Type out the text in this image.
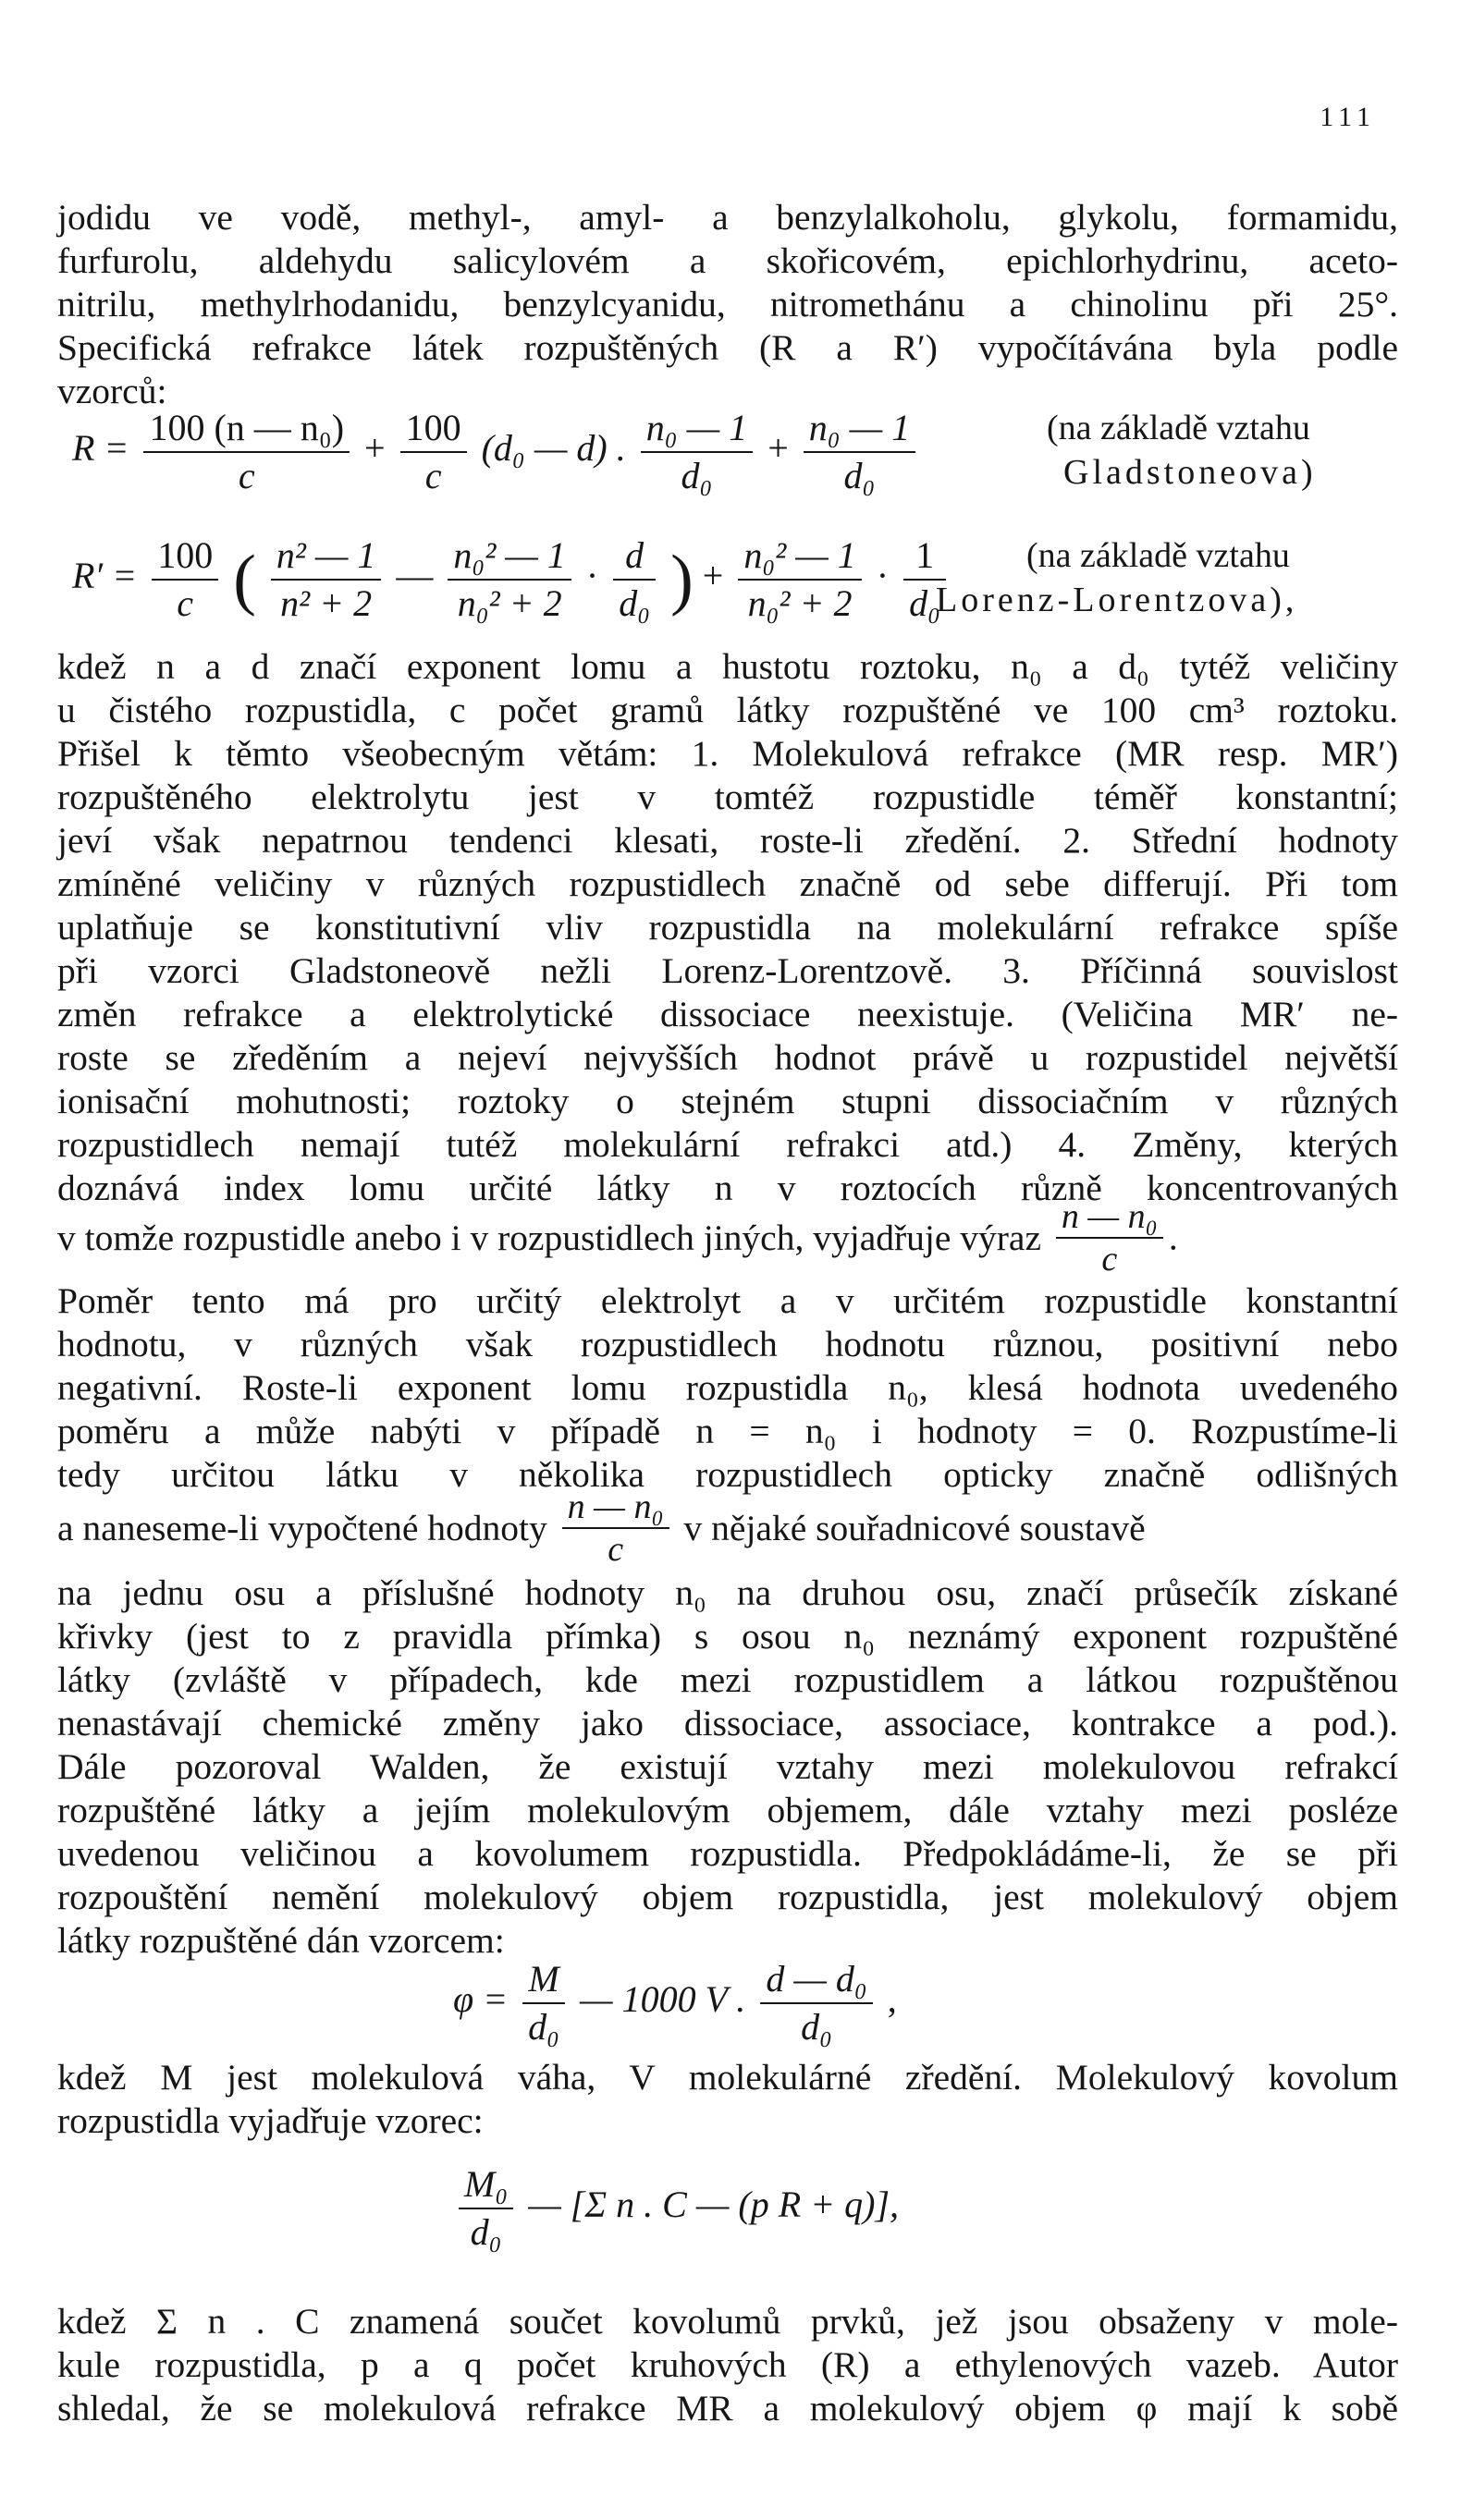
111
jodidu ve vodě, methyl-, amyl- a benzylalkoholu, glykolu, formamidu,
furfurolu, aldehydu salicylovém a skořicovém, epichlorhydrinu, aceto-
nitrilu, methylrhodanidu, benzylcyanidu, nitromethánu a chinolinu při 25°.
Specifická refrakce látek rozpuštěných (R a R′) vypočítávána byla podle
vzorců:
$R = \frac{\text{100 (n — n₀)}}{c} + \frac{100}{c} (d_0$ — d) . $\frac{\text{n₀ — 1}}{\text{d₀}} + \frac{\text{n₀ — 1}}{\text{d₀}}$	(na základě vztahu
Gladstoneova)
$R' = \frac{100}{c}$ ( $\frac{\text{n² — 1}}{\text{n² + 2}}$ — $\frac{\text{n₀² — 1}}{\text{n₀² + 2}} \cdot \frac{d}{\text{d₀}}$ ) + $\frac{\text{n₀² — 1}}{\text{n₀² + 2}} \cdot \frac{1}{\text{d₀}} (na$ základě vztahu
Lorenz-Lorentzova),
kdež n a d značí exponent lomu a hustotu roztoku, n₀ a d₀ tytéž veličiny
u čistého rozpustidla, c počet gramů látky rozpuštěné ve 100 cm³ roztoku.
Přišel k těmto všeobecným větám: 1. Molekulová refrakce (MR resp. MR′)
rozpuštěného elektrolytu jest v tomtéž rozpustidle téměř konstantní;
jeví však nepatrnou tendenci klesati, roste-li zředění. 2. Střední hodnoty
zmíněné veličiny v různých rozpustidlech značně od sebe differují. Při tom
uplatňuje se konstitutivní vliv rozpustidla na molekulární refrakce spíše
při vzorci Gladstoneově nežli Lorenz-Lorentzově. 3. Příčinná souvislost
změn refrakce a elektrolytické dissociace neexistuje. (Veličina MR′ ne-
roste se zředěním a nejeví nejvyšších hodnot právě u rozpustidel největší
ionisační mohutnosti; roztoky o stejném stupni dissociačním v různých
rozpustidlech nemají tutéž molekulární refrakci atd.) 4. Změny, kterých
doznává index lomu určité látky n v roztocích různě koncentrovaných
v tomže rozpustidle anebo i v rozpustidlech jiných, vyjadřuje výraz $\frac{\text{n — n₀}}{c}$ .
Poměr tento má pro určitý elektrolyt a v určitém rozpustidle konstantní
hodnotu, v různých však rozpustidlech hodnotu různou, positivní nebo
negativní. Roste-li exponent lomu rozpustidla n₀, klesá hodnota uvedeného
poměru a může nabýti v případě n = n₀ i hodnoty = 0. Rozpustíme-li
tedy určitou látku v několika rozpustidlech opticky značně odlišných
a naneseme-li vypočtené hodnoty $\frac{\text{n — n₀}}{c}$ v nějaké souřadnicové soustavě
na jednu osu a příslušné hodnoty n₀ na druhou osu, značí průsečík získané
křivky (jest to z pravidla přímka) s osou n₀ neznámý exponent rozpuštěné
látky (zvláště v případech, kde mezi rozpustidlem a látkou rozpuštěnou
nenastávají chemické změny jako dissociace, associace, kontrakce a pod.).
Dále pozoroval Walden, že existují vztahy mezi molekulovou refrakcí
rozpuštěné látky a jejím molekulovým objemem, dále vztahy mezi posléze
uvedenou veličinou a kovolumem rozpustidla. Předpokládáme-li, že se při
rozpouštění nemění molekulový objem rozpustidla, jest molekulový objem
látky rozpuštěné dán vzorcem:
$\varphi = \frac{M}{\text{d₀}}$ — 1000 V . $\frac{\text{d — d₀}}{\text{d₀}}$ ,
kdež M jest molekulová váha, V molekulárné zředění. Molekulový kovolum
rozpustidla vyjadřuje vzorec:
$\frac{\text{M₀}}{\text{d₀}}$ — [Σ n . C — (p R + q)],
kdež Σ n . C znamená součet kovolumů prvků, jež jsou obsaženy v mole-
kule rozpustidla, p a q počet kruhových (R) a ethylenových vazeb. Autor
shledal, že se molekulová refrakce MR a molekulový objem φ mají k sobě
